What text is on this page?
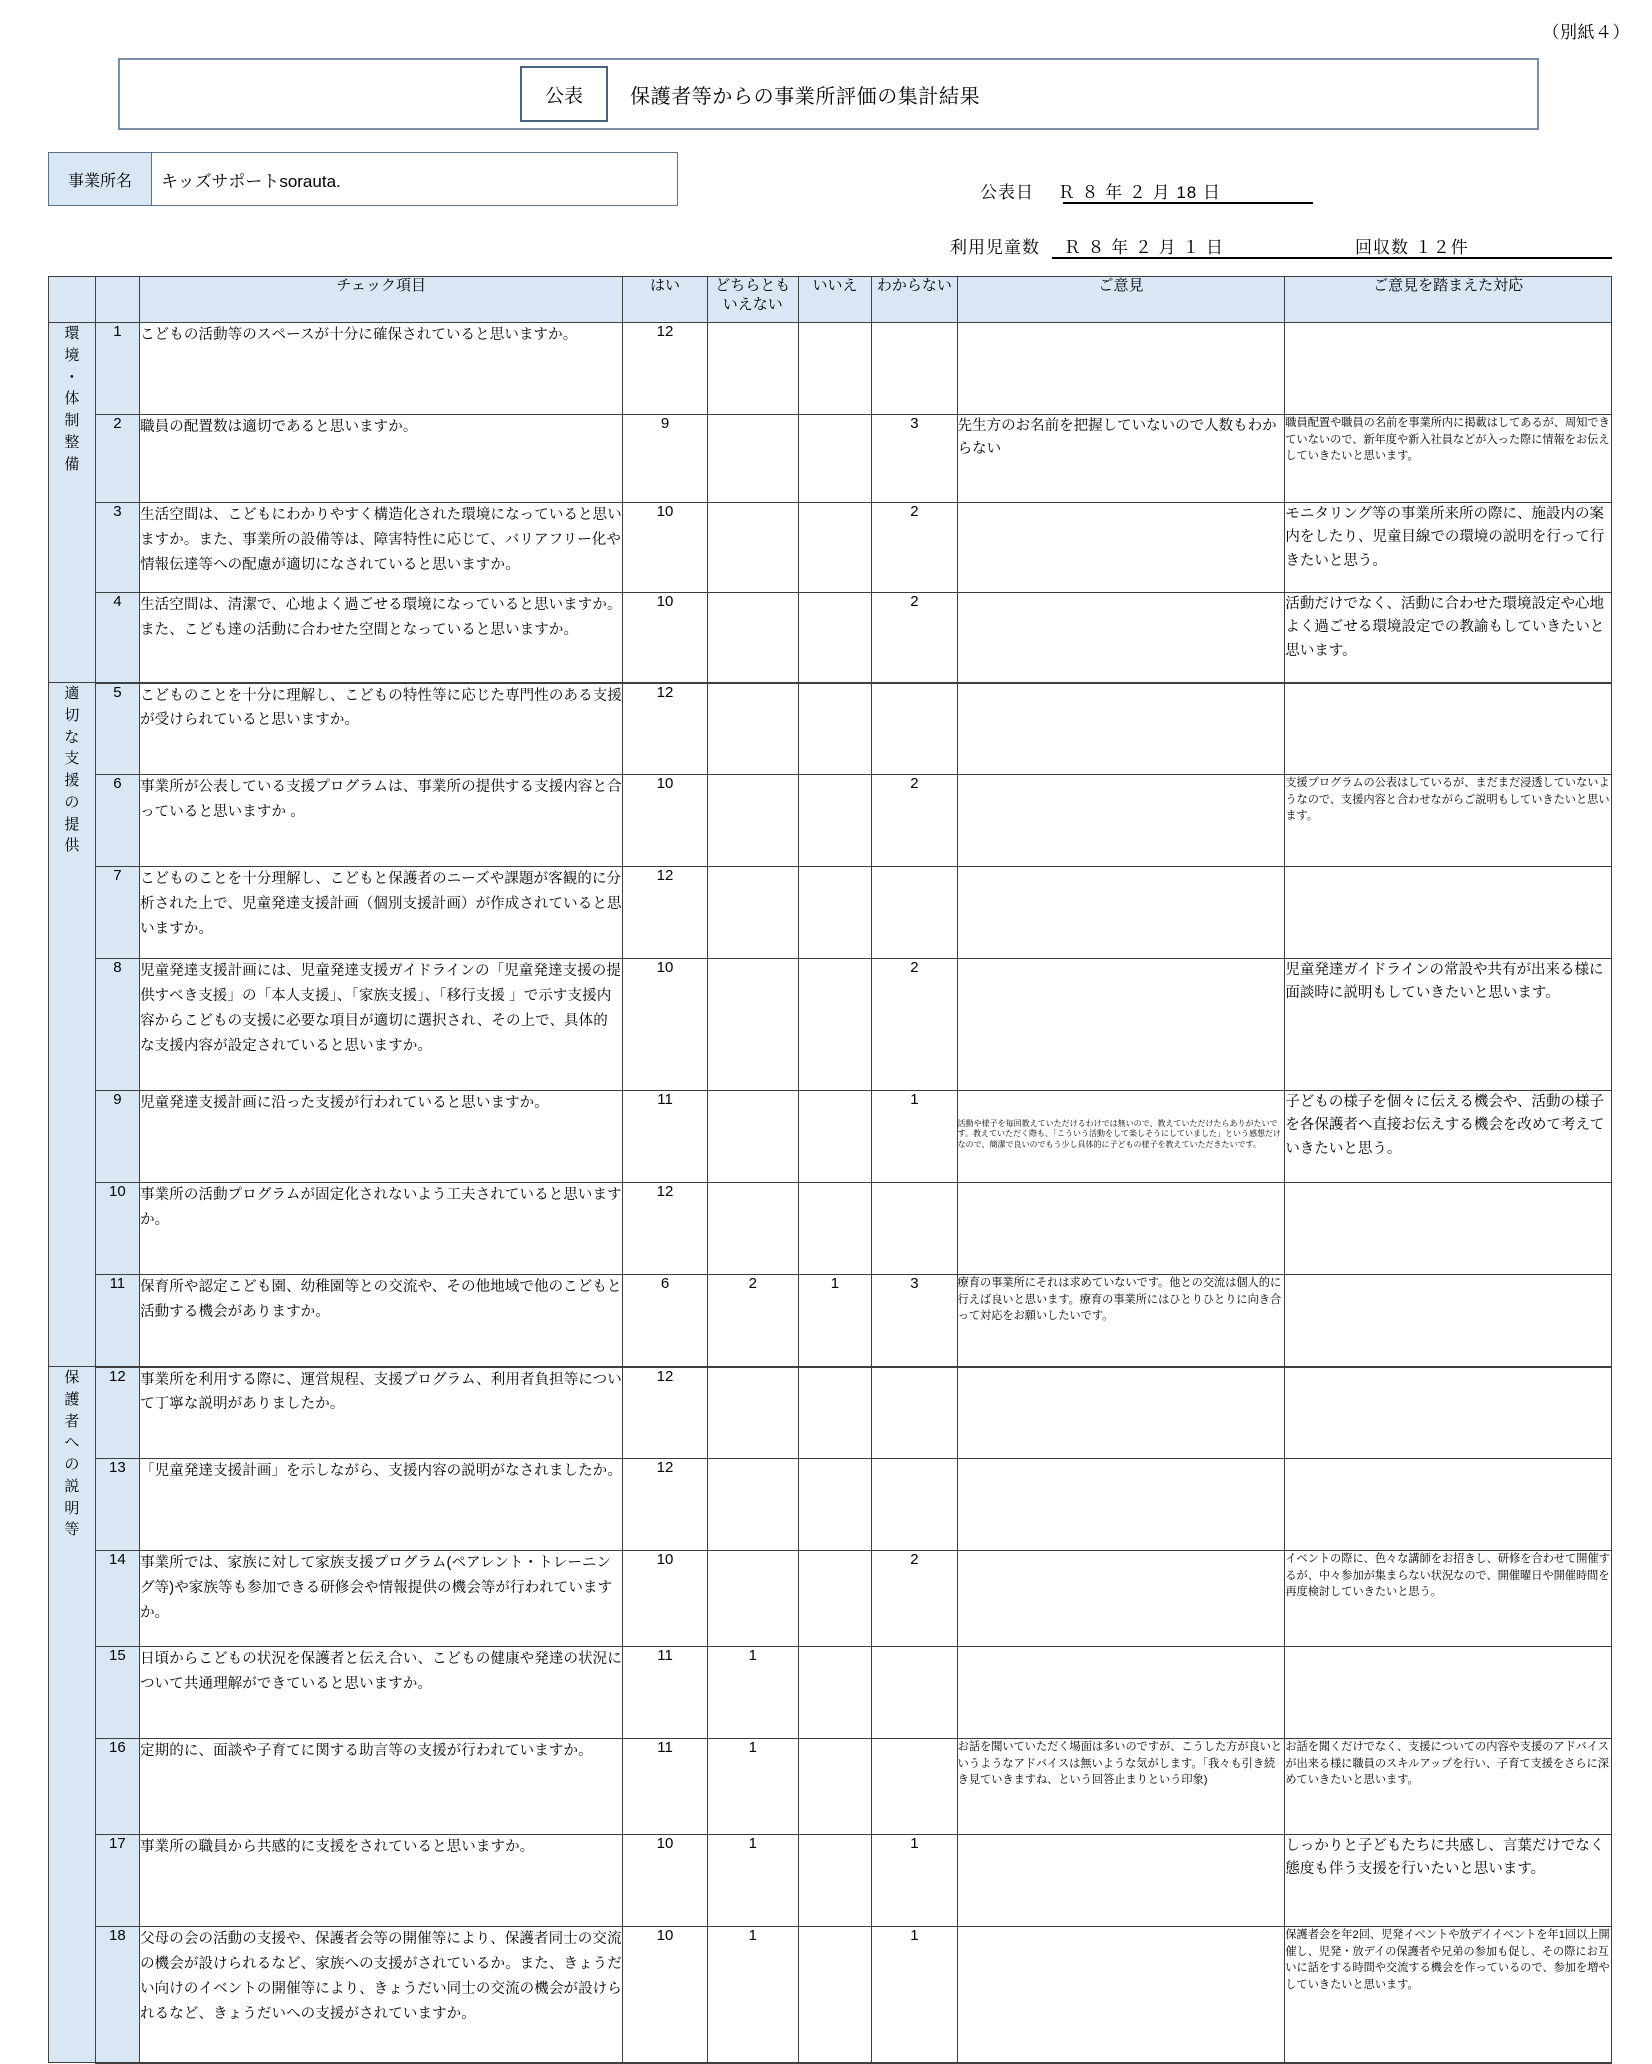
（別紙４）
公表	保護者等からの事業所評価の集計結果
事業所名	キッズサポートsorauta.
公表日　 Ｒ ８ 年 ２ 月 18 日
利用児童数　 Ｒ ８ 年 ２ 月 １ 日	回収数 １２件
		チェック項目	はい	どちらとも
いえない	いいえ	わからない	ご意見	ご意見を踏まえた対応

環
境
・
体
制
整
備
	1	こどもの活動等のスペースが十分に確保されていると思いますか。	12					
	2	職員の配置数は適切であると思いますか。	9			3	先生方のお名前を把握していないので人数もわからない	職員配置や職員の名前を事業所内に掲載はしてあるが、周知できていないので、新年度や新入社員などが入った際に情報をお伝えしていきたいと思います。
	3	生活空間は、こどもにわかりやすく構造化された環境になっていると思いますか。また、事業所の設備等は、障害特性に応じて、バリアフリー化や情報伝達等への配慮が適切になされていると思いますか。	10			2		モニタリング等の事業所来所の際に、施設内の案内をしたり、児童目線での環境の説明を行って行きたいと思う。
	4	生活空間は、清潔で、心地よく過ごせる環境になっていると思いますか。また、こども達の活動に合わせた空間となっていると思いますか。	10			2		活動だけでなく、活動に合わせた環境設定や心地よく過ごせる環境設定での教諭もしていきたいと思います。

適
切
な
支
援
の
提
供
	5	こどものことを十分に理解し、こどもの特性等に応じた専門性のある支援が受けられていると思いますか。	12					
	6	事業所が公表している支援プログラムは、事業所の提供する支援内容と合っていると思いますか 。	10			2		支援プログラムの公表はしているが、まだまだ浸透していないようなので、支援内容と合わせながらご説明もしていきたいと思います。
	7	こどものことを十分理解し、こどもと保護者のニーズや課題が客観的に分析された上で、児童発達支援計画（個別支援計画）が作成されていると思いますか。	12					
	8	児童発達支援計画には、児童発達支援ガイドラインの「児童発達支援の提供すべき支援」の「本人支援」、「家族支援」、「移行支援 」で示す支援内容からこどもの支援に必要な項目が適切に選択され、その上で、具体的な支援内容が設定されていると思いますか。	10			2		児童発達ガイドラインの常設や共有が出来る様に面談時に説明もしていきたいと思います。
	9	児童発達支援計画に沿った支援が行われていると思いますか。	11			1	活動や様子を毎回教えていただけるわけでは無いので、教えていただけたらありがたいです。教えていただく際も、「こういう活動をして楽しそうにしていました」という感想だけなので、簡潔で良いのでもう少し具体的に子どもの様子を教えていただきたいです。	子どもの様子を個々に伝える機会や、活動の様子を各保護者へ直接お伝えする機会を改めて考えていきたいと思う。
	10	事業所の活動プログラムが固定化されないよう工夫されていると思いますか。	12					
	11	保育所や認定こども園、幼稚園等との交流や、その他地域で他のこどもと活動する機会がありますか。	6	2	1	3	療育の事業所にそれは求めていないです。他との交流は個人的に行えば良いと思います。療育の事業所にはひとりひとりに向き合って対応をお願いしたいです。	

保
護
者
へ
の
説
明
等
	12	事業所を利用する際に、運営規程、支援プログラム、利用者負担等について丁寧な説明がありましたか。	12					
	13	「児童発達支援計画」を示しながら、支援内容の説明がなされましたか。	12					
	14	事業所では、家族に対して家族支援プログラム(ペアレント・トレーニング等)や家族等も参加できる研修会や情報提供の機会等が行われていますか。	10			2		イベントの際に、色々な講師をお招きし、研修を合わせて開催するが、中々参加が集まらない状況なので、開催曜日や開催時間を再度検討していきたいと思う。
	15	日頃からこどもの状況を保護者と伝え合い、こどもの健康や発達の状況について共通理解ができていると思いますか。	11	1				
	16	定期的に、面談や子育てに関する助言等の支援が行われていますか。	11	1			お話を聞いていただく場面は多いのですが、こうした方が良いというようなアドバイスは無いような気がします。「我々も引き続き見ていきますね、という回答止まりという印象)	お話を聞くだけでなく、支援についての内容や支援のアドバイスが出来る様に職員のスキルアップを行い、子育て支援をさらに深めていきたいと思います。
	17	事業所の職員から共感的に支援をされていると思いますか。	10	1		1		しっかりと子どもたちに共感し、言葉だけでなく態度も伴う支援を行いたいと思います。
	18	父母の会の活動の支援や、保護者会等の開催等により、保護者同士の交流の機会が設けられるなど、家族への支援がされているか。また、きょうだい向けのイベントの開催等により、きょうだい同士の交流の機会が設けられるなど、きょうだいへの支援がされていますか。	10	1		1		保護者会を年2回、児発イベントや放デイイベントを年1回以上開催し、児発・放デイの保護者や兄弟の参加も促し、その際にお互いに話をする時間や交流する機会を作っているので、参加を増やしていきたいと思います。
